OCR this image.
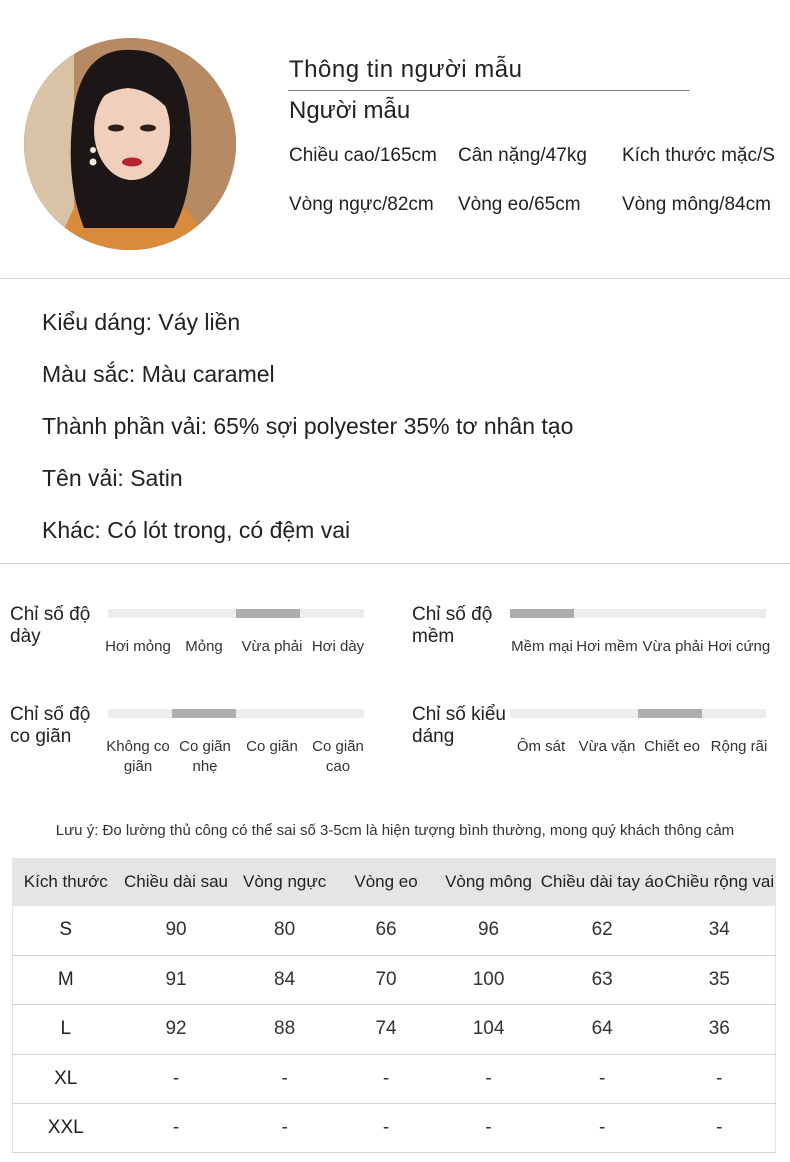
Thông tin người mẫu
Người mẫu
Chiều cao/165cm Cân nặng/47kg Kích thước mặc/S
Vòng ngực/82cm Vòng eo/65cm Vòng mông/84cm
Kiểu dáng: Váy liền
Màu sắc: Màu caramel
Thành phần vải: 65% sợi polyester 35% tơ nhân tạo
Tên vải: Satin
Khác: Có lót trong, có đệm vai
Chỉ số độ dày	Hơi mỏng Mỏng	Vừa phải Hơi dày
Chỉ số độ mềm	Mềm mại Hơi mềm Vừa phải Hơi cứng
Chỉ số độ co giãn	Không co giãn
Co giãn nhẹ
Co giãn Co giãn cao
Chỉ số kiểu dáng	Ôm sát Vừa vặn Chiết eo Rộng rãi
Lưu ý: Đo lường thủ công có thể sai số 3-5cm là hiện tượng bình thường, mong quý khách thông cảm
Kích thước	Chiều dài sau	Vòng ngực	Vòng eo	Vòng mông	Chiều dài tay áo	Chiều rộng vai
S	90	80	66	96	62	34
M	91	84	70	100	63	35
L	92	88	74	104	64	36
XL	-	-	-	-	-	-
XXL	-	-	-	-	-	-
